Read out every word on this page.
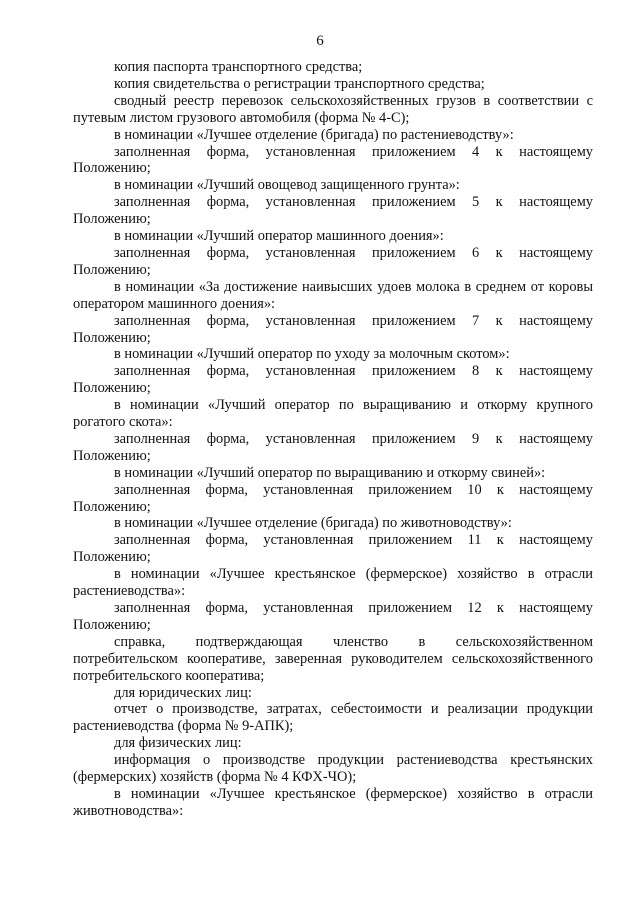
6

копия паспорта транспортного средства;

копия свидетельства о регистрации транспортного средства;

сводный реестр перевозок сельскохозяйственных грузов в соответствии с путевым листом грузового автомобиля (форма № 4-С);

в номинации «Лучшее отделение (бригада) по растениеводству»:

заполненная форма, установленная приложением 4 к настоящему Положению;

в номинации «Лучший овощевод защищенного грунта»:

заполненная форма, установленная приложением 5 к настоящему Положению;

в номинации «Лучший оператор машинного доения»:

заполненная форма, установленная приложением 6 к настоящему Положению;

в номинации «За достижение наивысших удоев молока в среднем от коровы оператором машинного доения»:

заполненная форма, установленная приложением 7 к настоящему Положению;

в номинации «Лучший оператор по уходу за молочным скотом»:

заполненная форма, установленная приложением 8 к настоящему Положению;

в номинации «Лучший оператор по выращиванию и откорму крупного рогатого скота»:

заполненная форма, установленная приложением 9 к настоящему Положению;

в номинации «Лучший оператор по выращиванию и откорму свиней»:

заполненная форма, установленная приложением 10 к настоящему Положению;

в номинации «Лучшее отделение (бригада) по животноводству»:

заполненная форма, установленная приложением 11 к настоящему Положению;

в номинации «Лучшее крестьянское (фермерское) хозяйство в отрасли растениеводства»:

заполненная форма, установленная приложением 12 к настоящему Положению;

справка, подтверждающая членство в сельскохозяйственном потребительском кооперативе, заверенная руководителем сельскохозяйственного потребительского кооператива;

для юридических лиц:

отчет о производстве, затратах, себестоимости и реализации продукции растениеводства (форма № 9-АПК);

для физических лиц:

информация о производстве продукции растениеводства крестьянских (фермерских) хозяйств (форма № 4 КФХ-ЧО);

в номинации «Лучшее крестьянское (фермерское) хозяйство в отрасли животноводства»:
